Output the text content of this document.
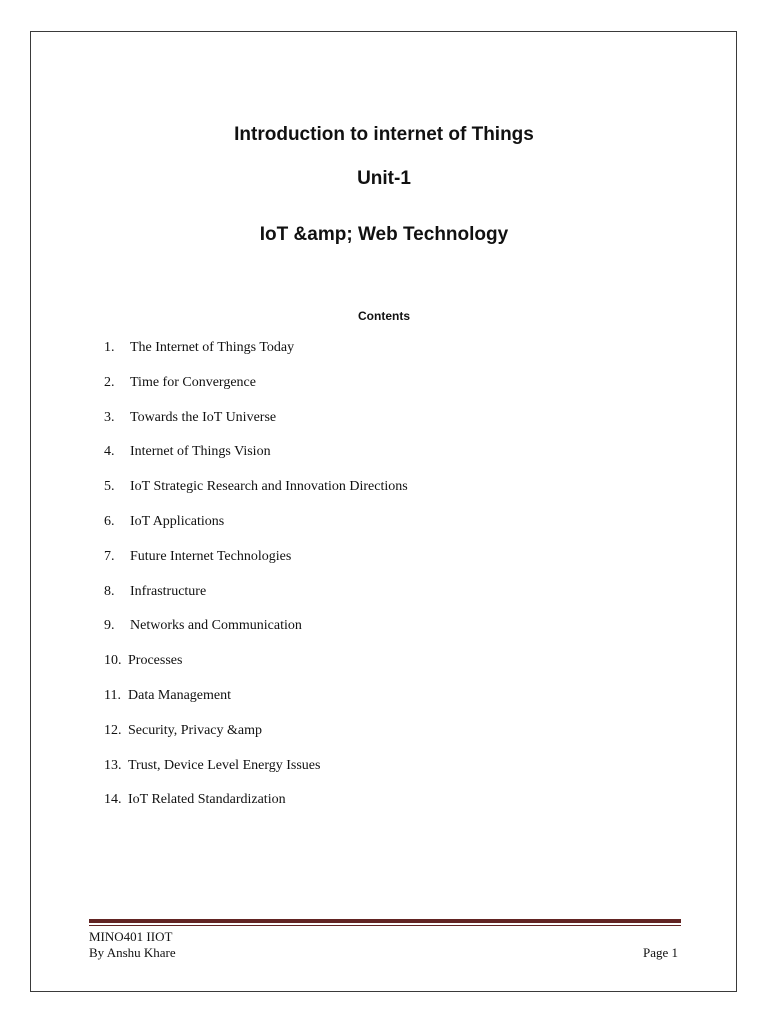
Introduction to internet of Things
Unit-1
IoT &amp; Web Technology
Contents
1. The Internet of Things Today
2. Time for Convergence
3. Towards the IoT Universe
4. Internet of Things Vision
5. IoT Strategic Research and Innovation Directions
6. IoT Applications
7. Future Internet Technologies
8. Infrastructure
9. Networks and Communication
10. Processes
11. Data Management
12. Security, Privacy &amp
13. Trust, Device Level Energy Issues
14. IoT Related Standardization
MINO401 IIOT
By Anshu Khare	Page 1
